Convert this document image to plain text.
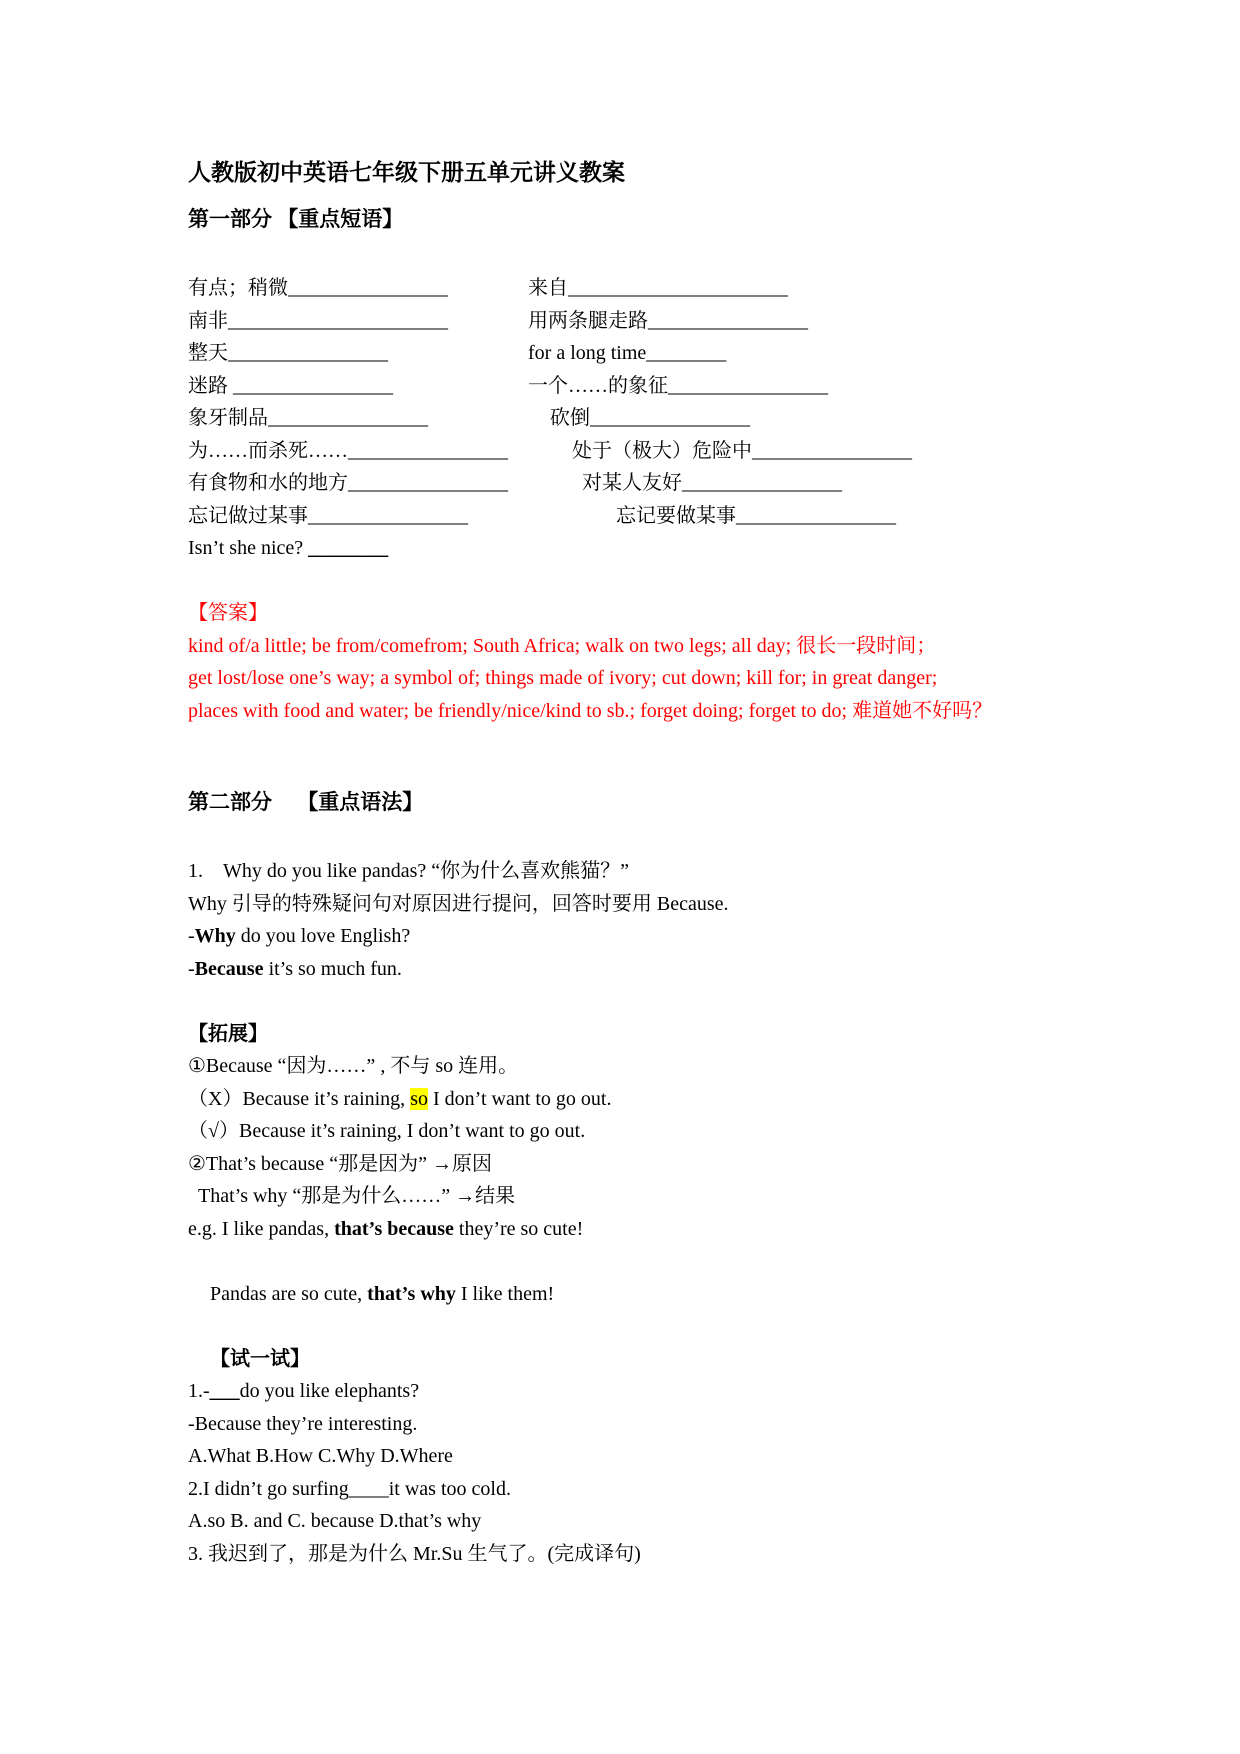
人教版初中英语七年级下册五单元讲义教案
第一部分 【重点短语】
有点；稍微________________	来自______________________
南非______________________	用两条腿走路________________
整天________________	for a long time________
迷路 ________________	一个……的象征________________
象牙制品________________	砍倒________________
为……而杀死……________________	处于（极大）危险中________________
有食物和水的地方________________	对某人友好________________
忘记做过某事________________	忘记要做某事________________
Isn’t she nice? ________
【答案】
kind of/a little; be from/comefrom; South Africa; walk on two legs; all day; 很长一段时间；
get lost/lose one’s way; a symbol of; things made of ivory; cut down; kill for; in great danger;
places with food and water; be friendly/nice/kind to sb.; forget doing; forget to do; 难道她不好吗？
第二部分 【重点语法】
1.　Why do you like pandas? “你为什么喜欢熊猫？”
Why 引导的特殊疑问句对原因进行提问，回答时要用 Because.
-Why do you love English?
-Because it’s so much fun.
【拓展】
①Because “因为……” , 不与 so 连用。
（X）Because it’s raining, so I don’t want to go out.
（√）Because it’s raining, I don’t want to go out.
②That’s because “那是因为” →原因
That’s why “那是为什么……” →结果
e.g. I like pandas, that’s because they’re so cute!
Pandas are so cute, that’s why I like them!
【试一试】
1.-___do you like elephants?
-Because they’re interesting.
A.What B.How C.Why D.Where
2.I didn’t go surfing____it was too cold.
A.so B. and C. because D.that’s why
3. 我迟到了，那是为什么 Mr.Su 生气了。(完成译句)
